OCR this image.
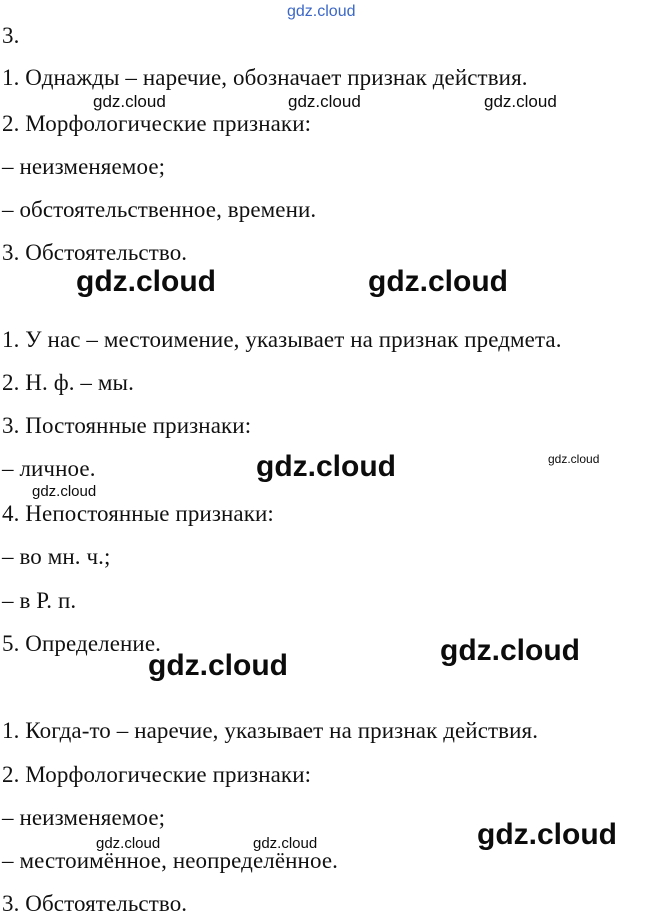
gdz.cloud
3.
1. Однажды – наречие, обозначает признак действия.
2. Морфологические признаки:
– неизменяемое;
– обстоятельственное, времени.
3. Обстоятельство.
1. У нас – местоимение, указывает на признак предмета.
2. Н. ф. – мы.
3. Постоянные признаки:
– личное.
4. Непостоянные признаки:
– во мн. ч.;
– в Р. п.
5. Определение.
1. Когда-то – наречие, указывает на признак действия.
2. Морфологические признаки:
– неизменяемое;
– местоимённое, неопределённое.
3. Обстоятельство.
gdz.cloud	gdz.cloud	gdz.cloud
gdz.cloud	gdz.cloud
gdz.cloud	gdz.cloud
gdz.cloud
gdz.cloud
gdz.cloud
gdz.cloud
gdz.cloud	gdz.cloud
